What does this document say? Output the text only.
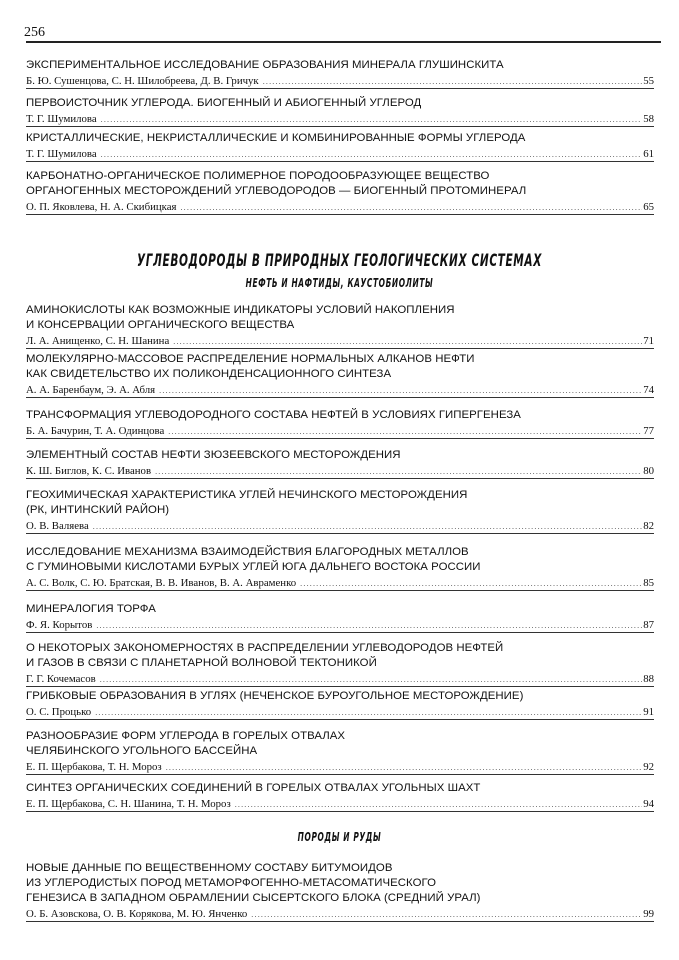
256
УГЛЕВОДОРОДЫ В ПРИРОДНЫХ ГЕОЛОГИЧЕСКИХ СИСТЕМАХ
НЕФТЬ И НАФТИДЫ, КАУСТОБИОЛИТЫ
ПОРОДЫ И РУДЫ
ЭКСПЕРИМЕНТАЛЬНОЕ ИССЛЕДОВАНИЕ ОБРАЗОВАНИЯ МИНЕРАЛА ГЛУШИНСКИТА
Б. Ю. Сушенцова, С. Н. Шилобреева, Д. В. Гричук .....	55
ПЕРВОИСТОЧНИК УГЛЕРОДА. БИОГЕННЫЙ И АБИОГЕННЫЙ УГЛЕРОД
Т. Г. Шумилова .....	58
КРИСТАЛЛИЧЕСКИЕ, НЕКРИСТАЛЛИЧЕСКИЕ И КОМБИНИРОВАННЫЕ ФОРМЫ УГЛЕРОДА
Т. Г. Шумилова .....	61
КАРБОНАТНО-ОРГАНИЧЕСКОЕ ПОЛИМЕРНОЕ ПОРОДООБРАЗУЮЩЕЕ ВЕЩЕСТВО
ОРГАНОГЕННЫХ МЕСТОРОЖДЕНИЙ УГЛЕВОДОРОДОВ — БИОГЕННЫЙ ПРОТОМИНЕРАЛ
О. П. Яковлева, Н. А. Скибицкая .....	65
АМИНОКИСЛОТЫ КАК ВОЗМОЖНЫЕ ИНДИКАТОРЫ УСЛОВИЙ НАКОПЛЕНИЯ
И КОНСЕРВАЦИИ ОРГАНИЧЕСКОГО ВЕЩЕСТВА
Л. А. Анищенко, С. Н. Шанина .....	71
МОЛЕКУЛЯРНО-МАССОВОЕ РАСПРЕДЕЛЕНИЕ НОРМАЛЬНЫХ АЛКАНОВ НЕФТИ
КАК СВИДЕТЕЛЬСТВО ИХ ПОЛИКОНДЕНСАЦИОННОГО СИНТЕЗА
А. А. Баренбаум, Э. А. Абля .....	74
ТРАНСФОРМАЦИЯ УГЛЕВОДОРОДНОГО СОСТАВА НЕФТЕЙ В УСЛОВИЯХ ГИПЕРГЕНЕЗА
Б. А. Бачурин, Т. А. Одинцова .....	77
ЭЛЕМЕНТНЫЙ СОСТАВ НЕФТИ ЗЮЗЕЕВСКОГО МЕСТОРОЖДЕНИЯ
К. Ш. Биглов, К. С. Иванов .....	80
ГЕОХИМИЧЕСКАЯ ХАРАКТЕРИСТИКА УГЛЕЙ НЕЧИНСКОГО МЕСТОРОЖДЕНИЯ
(РК, ИНТИНСКИЙ РАЙОН)
О. В. Валяева .....	82
ИССЛЕДОВАНИЕ МЕХАНИЗМА ВЗАИМОДЕЙСТВИЯ БЛАГОРОДНЫХ МЕТАЛЛОВ
С ГУМИНОВЫМИ КИСЛОТАМИ БУРЫХ УГЛЕЙ ЮГА ДАЛЬНЕГО ВОСТОКА РОССИИ
А. С. Волк, С. Ю. Братская, В. В. Иванов, В. А. Авраменко .....	85
МИНЕРАЛОГИЯ ТОРФА
Ф. Я. Корытов .....	87
О НЕКОТОРЫХ ЗАКОНОМЕРНОСТЯХ В РАСПРЕДЕЛЕНИИ УГЛЕВОДОРОДОВ НЕФТЕЙ
И ГАЗОВ В СВЯЗИ С ПЛАНЕТАРНОЙ ВОЛНОВОЙ ТЕКТОНИКОЙ
Г. Г. Кочемасов .....	88
ГРИБКОВЫЕ ОБРАЗОВАНИЯ В УГЛЯХ (НЕЧЕНСКОЕ БУРОУГОЛЬНОЕ МЕСТОРОЖДЕНИЕ)
О. С. Процько .....	91
РАЗНООБРАЗИЕ ФОРМ УГЛЕРОДА В ГОРЕЛЫХ ОТВАЛАХ
ЧЕЛЯБИНСКОГО УГОЛЬНОГО БАССЕЙНА
Е. П. Щербакова, Т. Н. Мороз .....	92
СИНТЕЗ ОРГАНИЧЕСКИХ СОЕДИНЕНИЙ В ГОРЕЛЫХ ОТВАЛАХ УГОЛЬНЫХ ШАХТ
Е. П. Щербакова, С. Н. Шанина, Т. Н. Мороз .....	94
НОВЫЕ ДАННЫЕ ПО ВЕЩЕСТВЕННОМУ СОСТАВУ БИТУМОИДОВ
ИЗ УГЛЕРОДИСТЫХ ПОРОД МЕТАМОРФОГЕННО-МЕТАСОМАТИЧЕСКОГО
ГЕНЕЗИСА В ЗАПАДНОМ ОБРАМЛЕНИИ СЫСЕРТСКОГО БЛОКА (СРЕДНИЙ УРАЛ)
О. Б. Азовскова, О. В. Корякова, М. Ю. Янченко .....	99
